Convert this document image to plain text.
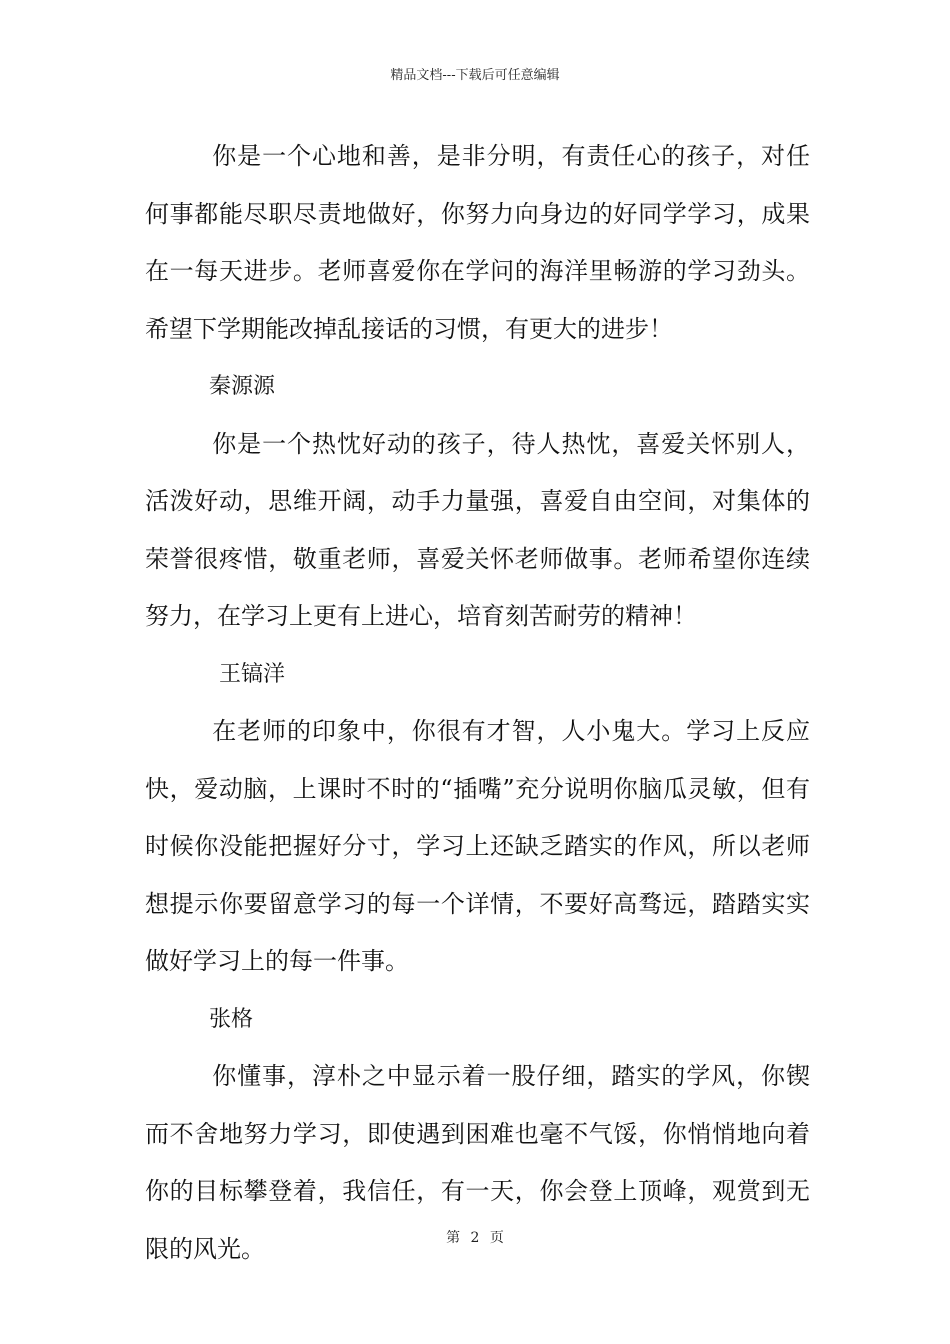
精品文档---下载后可任意编辑

你是一个心地和善，是非分明，有责任心的孩子，对任何事都能尽职尽责地做好，你努力向身边的好同学学习，成果在一每天进步。老师喜爱你在学问的海洋里畅游的学习劲头。希望下学期能改掉乱接话的习惯，有更大的进步！

秦源源

你是一个热忱好动的孩子，待人热忱，喜爱关怀别人，活泼好动，思维开阔，动手力量强，喜爱自由空间，对集体的荣誉很疼惜，敬重老师，喜爱关怀老师做事。老师希望你连续努力，在学习上更有上进心，培育刻苦耐劳的精神！

王镐洋

在老师的印象中，你很有才智，人小鬼大。学习上反应快，爱动脑，上课时不时的“插嘴”充分说明你脑瓜灵敏，但有时候你没能把握好分寸，学习上还缺乏踏实的作风，所以老师想提示你要留意学习的每一个详情，不要好高骛远，踏踏实实做好学习上的每一件事。

张格

你懂事，淳朴之中显示着一股仔细，踏实的学风，你锲而不舍地努力学习，即使遇到困难也毫不气馁，你悄悄地向着你的目标攀登着，我信任，有一天，你会登上顶峰，观赏到无限的风光。	第 2 页
